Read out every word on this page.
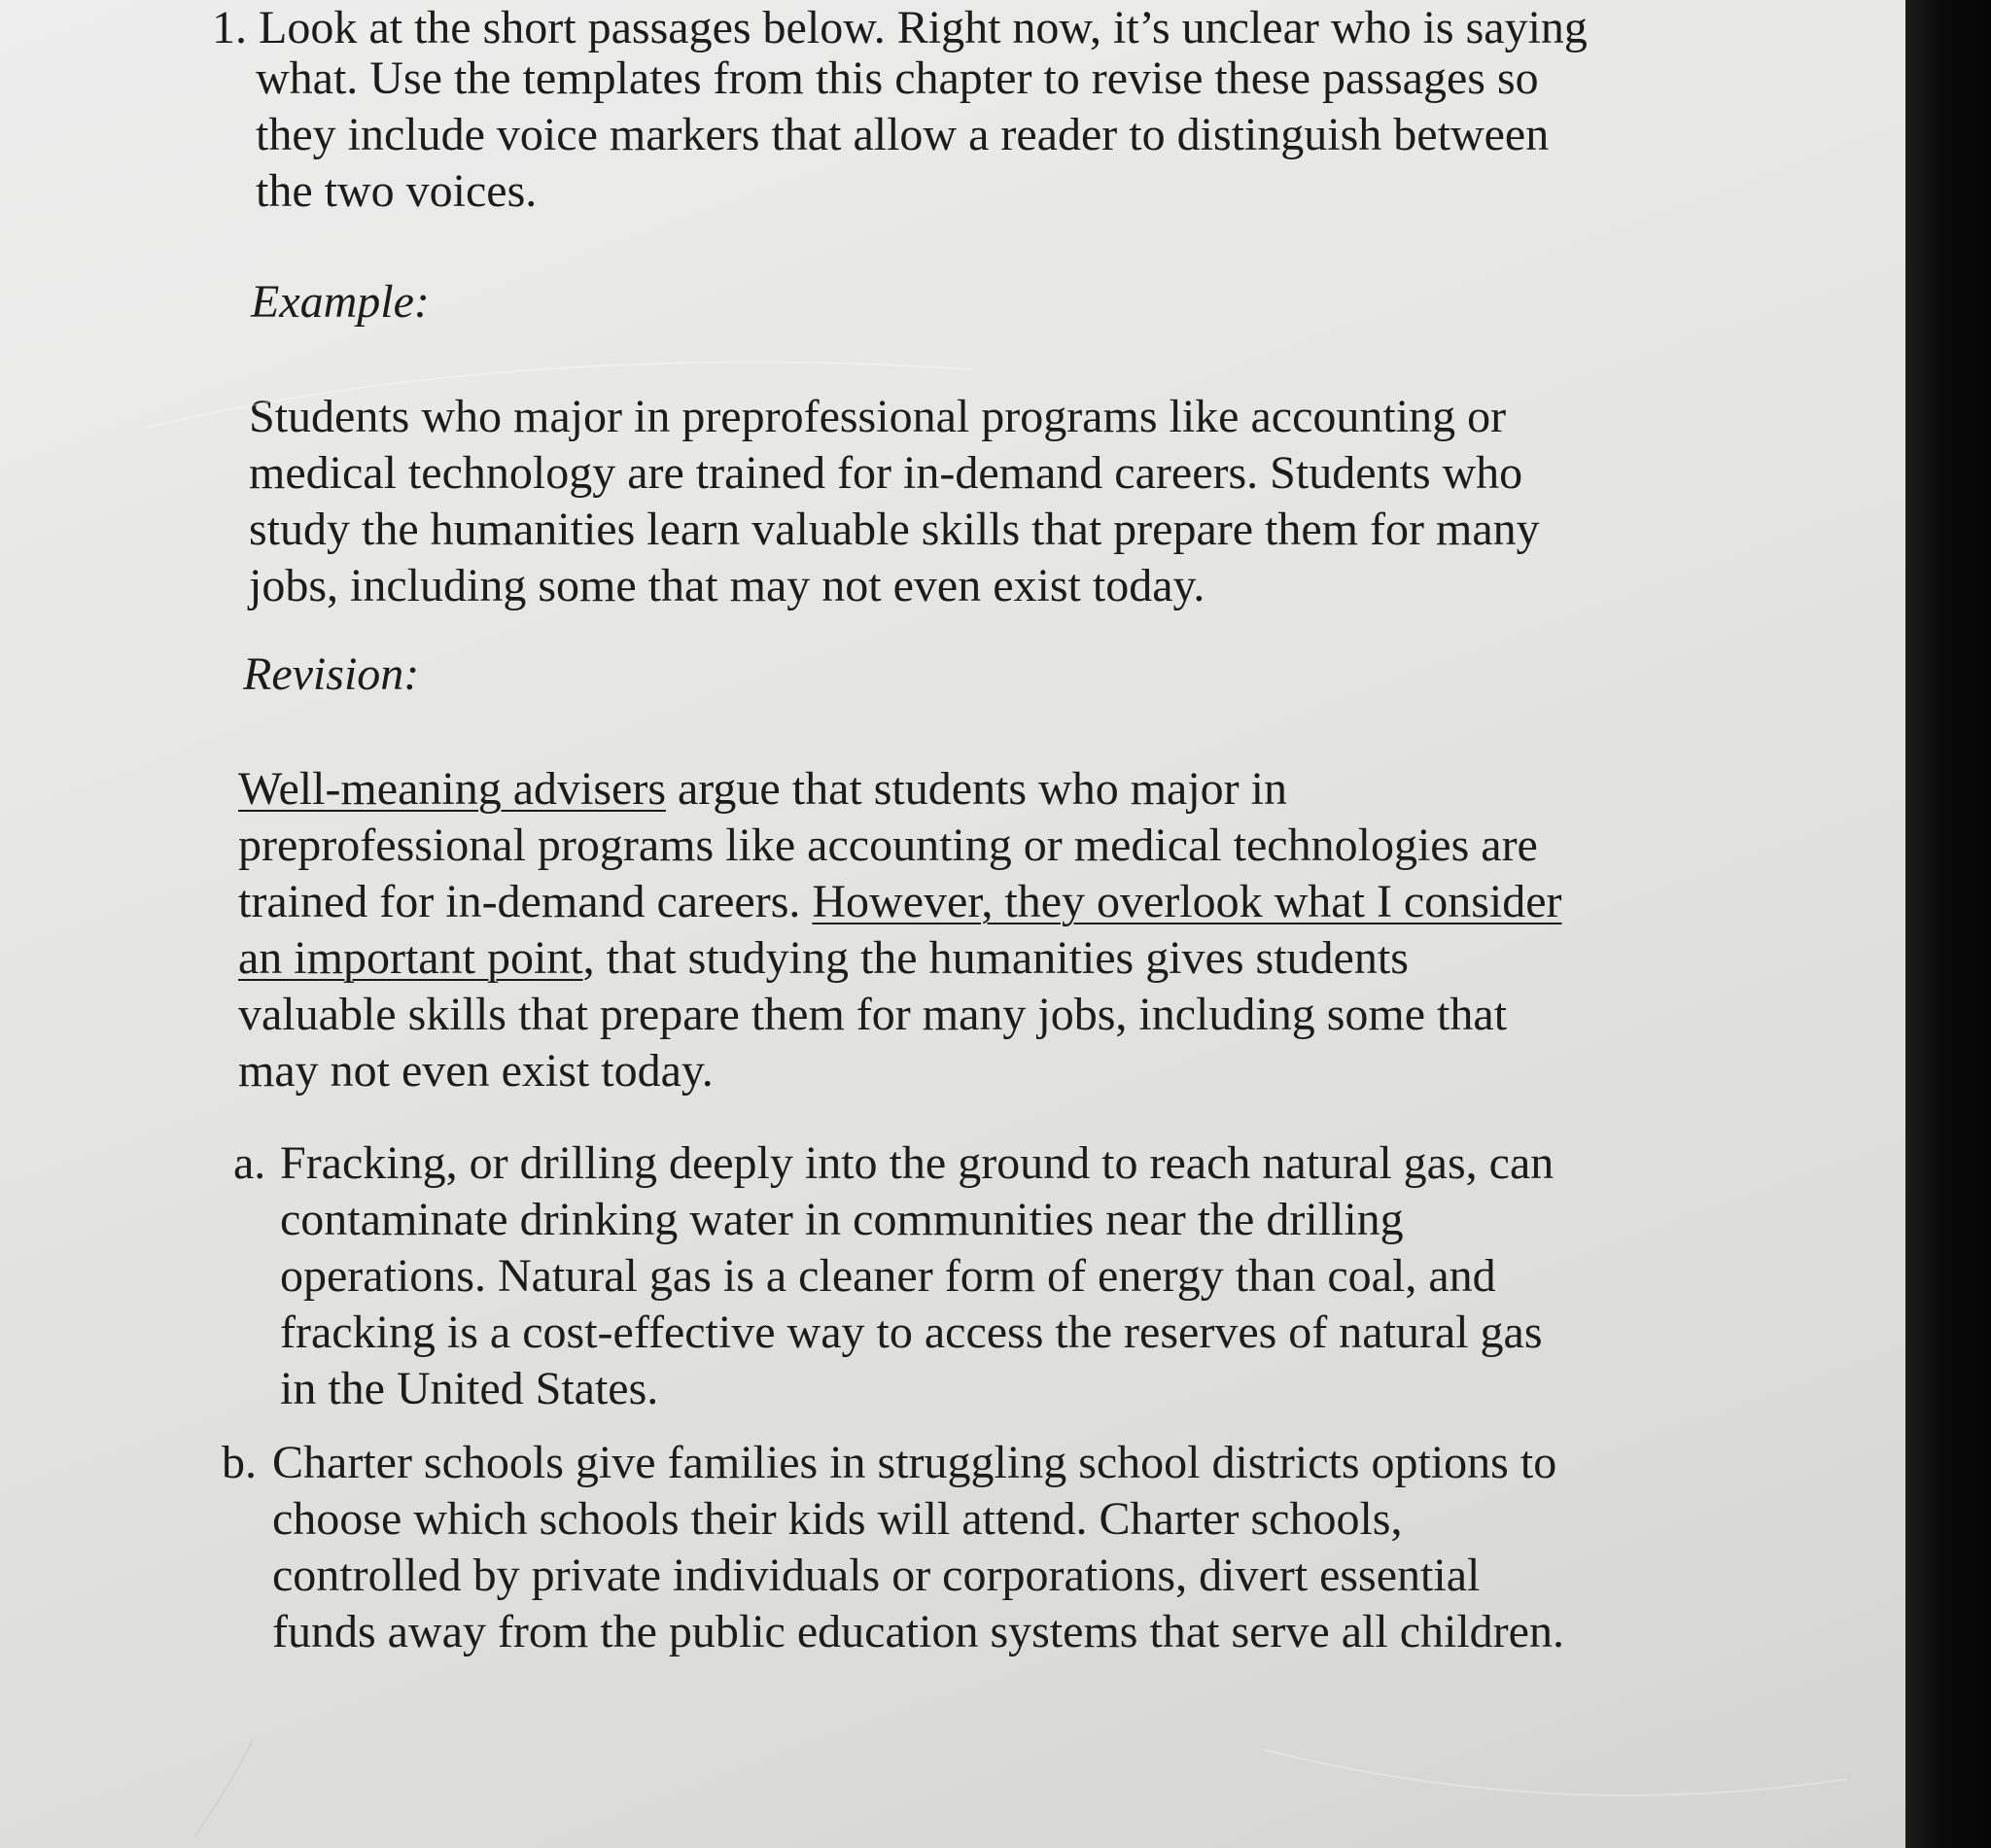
1. Look at the short passages below. Right now, it’s unclear who is saying
what. Use the templates from this chapter to revise these passages so
they include voice markers that allow a reader to distinguish between
the two voices.
Example:
Students who major in preprofessional programs like accounting or
medical technology are trained for in-demand careers. Students who
study the humanities learn valuable skills that prepare them for many
jobs, including some that may not even exist today.
Revision:
Well-meaning advisers argue that students who major in
preprofessional programs like accounting or medical technologies are
trained for in-demand careers. However, they overlook what I consider
an important point, that studying the humanities gives students
valuable skills that prepare them for many jobs, including some that
may not even exist today.
a. Fracking, or drilling deeply into the ground to reach natural gas, can
contaminate drinking water in communities near the drilling
operations. Natural gas is a cleaner form of energy than coal, and
fracking is a cost-effective way to access the reserves of natural gas
in the United States.
b. Charter schools give families in struggling school districts options to
choose which schools their kids will attend. Charter schools,
controlled by private individuals or corporations, divert essential
funds away from the public education systems that serve all children.
